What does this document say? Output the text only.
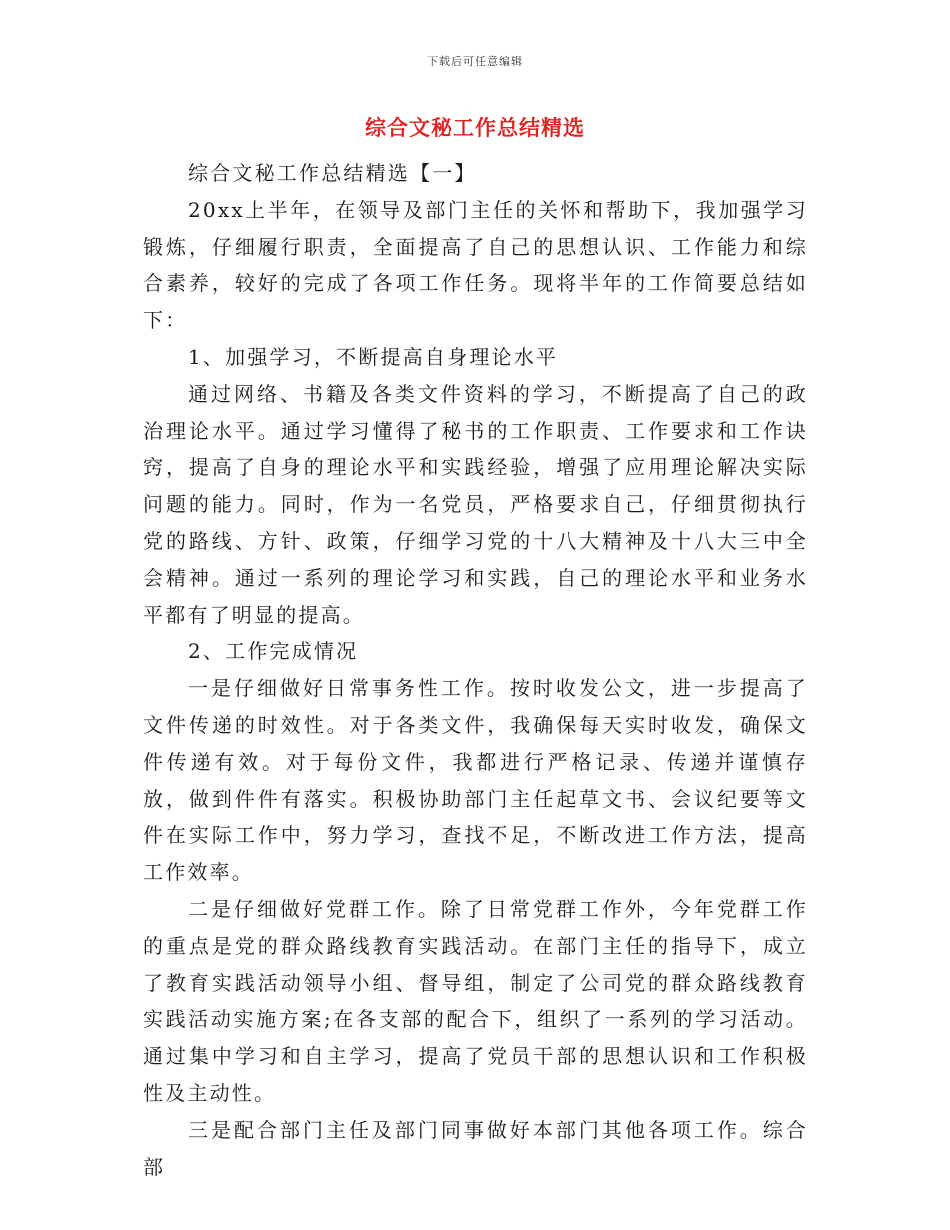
下载后可任意编辑
综合文秘工作总结精选

综合文秘工作总结精选【一】

20xx上半年，在领导及部门主任的关怀和帮助下，我加强学习锻炼，仔细履行职责，全面提高了自己的思想认识、工作能力和综合素养，较好的完成了各项工作任务。现将半年的工作简要总结如下：

1、加强学习，不断提高自身理论水平

通过网络、书籍及各类文件资料的学习，不断提高了自己的政治理论水平。通过学习懂得了秘书的工作职责、工作要求和工作诀窍，提高了自身的理论水平和实践经验，增强了应用理论解决实际问题的能力。同时，作为一名党员，严格要求自己，仔细贯彻执行党的路线、方针、政策，仔细学习党的十八大精神及十八大三中全会精神。通过一系列的理论学习和实践，自己的理论水平和业务水平都有了明显的提高。

2、工作完成情况

一是仔细做好日常事务性工作。按时收发公文，进一步提高了文件传递的时效性。对于各类文件，我确保每天实时收发，确保文件传递有效。对于每份文件，我都进行严格记录、传递并谨慎存放，做到件件有落实。积极协助部门主任起草文书、会议纪要等文件在实际工作中，努力学习，查找不足，不断改进工作方法，提高工作效率。

二是仔细做好党群工作。除了日常党群工作外，今年党群工作的重点是党的群众路线教育实践活动。在部门主任的指导下，成立了教育实践活动领导小组、督导组，制定了公司党的群众路线教育实践活动实施方案;在各支部的配合下，组织了一系列的学习活动。通过集中学习和自主学习，提高了党员干部的思想认识和工作积极性及主动性。

三是配合部门主任及部门同事做好本部门其他各项工作。综合部
